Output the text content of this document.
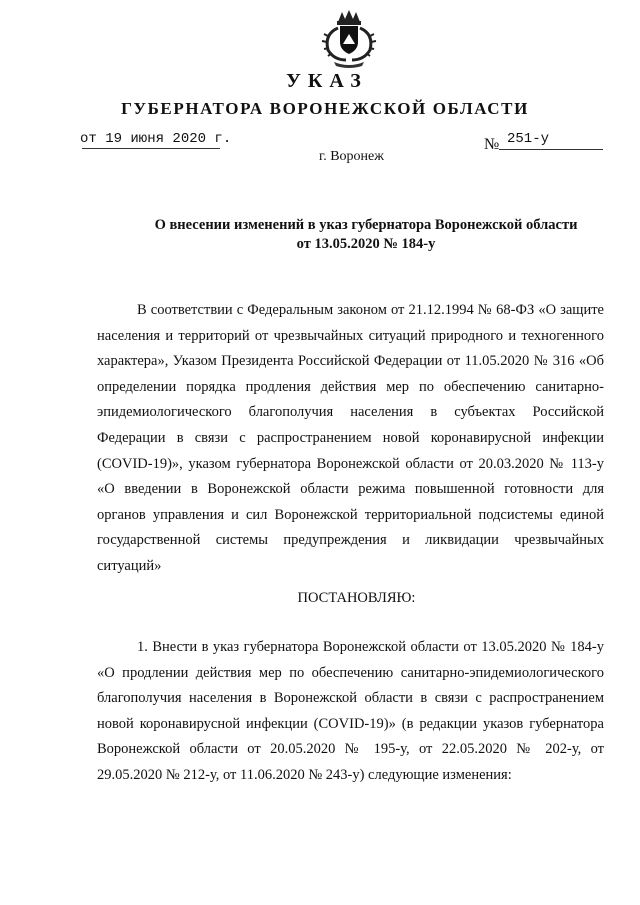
УКАЗ
ГУБЕРНАТОРА ВОРОНЕЖСКОЙ ОБЛАСТИ
от 19 июня 2020 г.	№ 251-у
г. Воронеж
О внесении изменений в указ губернатора Воронежской области
от 13.05.2020 № 184-у
В соответствии с Федеральным законом от 21.12.1994 № 68-ФЗ «О защите населения и территорий от чрезвычайных ситуаций природного и техногенного характера», Указом Президента Российской Федерации от 11.05.2020 № 316 «Об определении порядка продления действия мер по обеспечению санитарно-эпидемиологического благополучия населения в субъектах Российской Федерации в связи с распространением новой коронавирусной инфекции (COVID-19)», указом губернатора Воронежской области от 20.03.2020 № 113-у «О введении в Воронежской области режима повышенной готовности для органов управления и сил Воронежской территориальной подсистемы единой государственной системы предупреждения и ликвидации чрезвычайных ситуаций»
ПОСТАНОВЛЯЮ:
1. Внести в указ губернатора Воронежской области от 13.05.2020 № 184-у «О продлении действия мер по обеспечению санитарно-эпидемиологического благополучия населения в Воронежской области в связи с распространением новой коронавирусной инфекции (COVID-19)» (в редакции указов губернатора Воронежской области от 20.05.2020 № 195-у, от 22.05.2020 № 202-у, от 29.05.2020 № 212-у, от 11.06.2020 № 243-у) следующие изменения:
